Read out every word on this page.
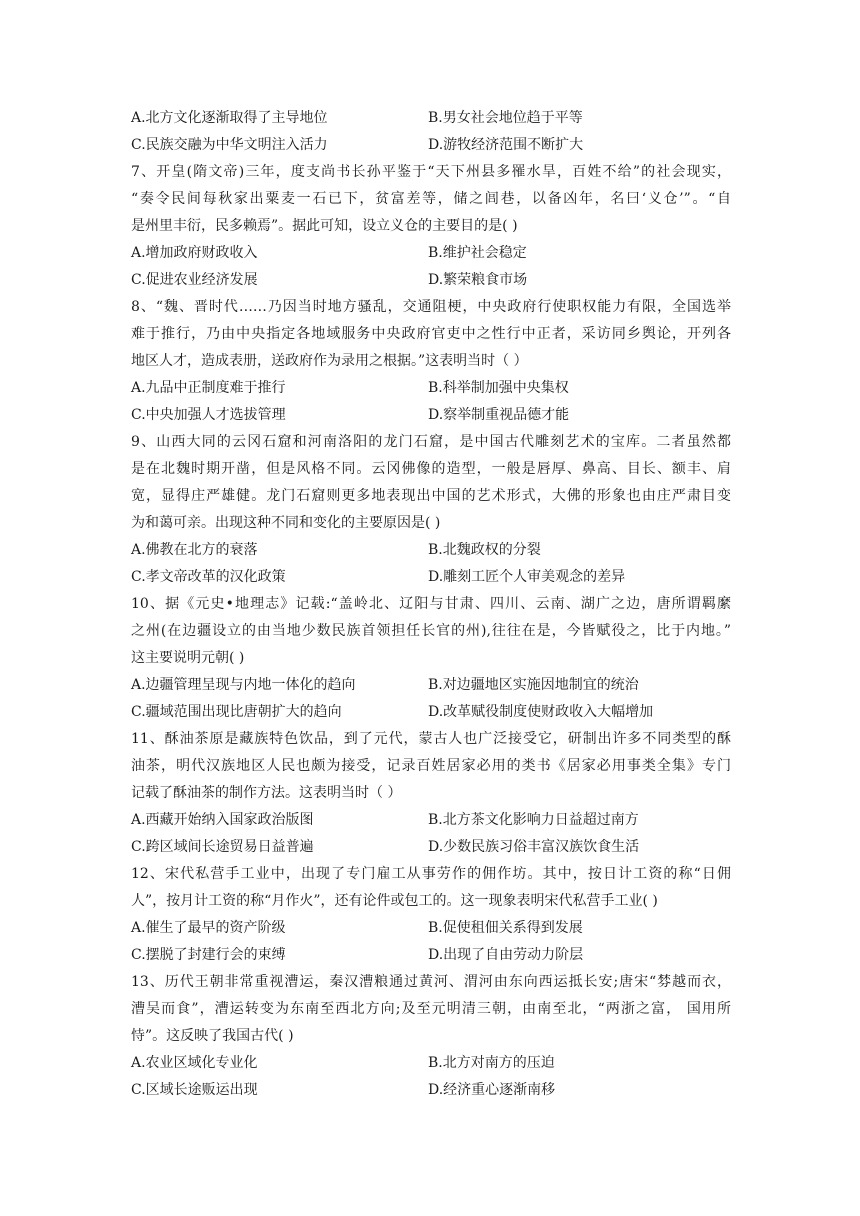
A.北方文化逐渐取得了主导地位	B.男女社会地位趋于平等
C.民族交融为中华文明注入活力	D.游牧经济范围不断扩大
7、开皇(隋文帝)三年，度支尚书长孙平鉴于“天下州县多罹水旱，百姓不给”的社会现实，
“奏令民间每秋家出粟麦一石已下，贫富差等，储之闾巷，以备凶年，名曰‘义仓’”。“自
是州里丰衍，民多赖焉”。据此可知，设立义仓的主要目的是( )
A.增加政府财政收入	B.维护社会稳定
C.促进农业经济发展	D.繁荣粮食市场
8、“魏、晋时代……乃因当时地方骚乱，交通阻梗，中央政府行使职权能力有限，全国选举
难于推行，乃由中央指定各地域服务中央政府官吏中之性行中正者，采访同乡舆论，开列各
地区人才，造成表册，送政府作为录用之根据。”这表明当时（ ）
A.九品中正制度难于推行	B.科举制加强中央集权
C.中央加强人才选拔管理	D.察举制重视品德才能
9、山西大同的云冈石窟和河南洛阳的龙门石窟，是中国古代雕刻艺术的宝库。二者虽然都
是在北魏时期开凿，但是风格不同。云冈佛像的造型，一般是唇厚、鼻高、目长、额丰、肩
宽，显得庄严雄健。龙门石窟则更多地表现出中国的艺术形式，大佛的形象也由庄严肃目变
为和蔼可亲。出现这种不同和变化的主要原因是( )
A.佛教在北方的衰落	B.北魏政权的分裂
C.孝文帝改革的汉化政策	D.雕刻工匠个人审美观念的差异
10、据《元史•地理志》记载:“盖岭北、辽阳与甘肃、四川、云南、湖广之边，唐所谓羁縻
之州(在边疆设立的由当地少数民族首领担任长官的州),往往在是，今皆赋役之，比于内地。”
这主要说明元朝( )
A.边疆管理呈现与内地一体化的趋向	B.对边疆地区实施因地制宜的统治
C.疆域范围出现比唐朝扩大的趋向	D.改革赋役制度使财政收入大幅增加
11、酥油茶原是藏族特色饮品，到了元代，蒙古人也广泛接受它，研制出许多不同类型的酥
油茶，明代汉族地区人民也颇为接受，记录百姓居家必用的类书《居家必用事类全集》专门
记载了酥油茶的制作方法。这表明当时（ ）
A.西藏开始纳入国家政治版图	B.北方茶文化影响力日益超过南方
C.跨区域间长途贸易日益普遍	D.少数民族习俗丰富汉族饮食生活
12、宋代私营手工业中，出现了专门雇工从事劳作的佣作坊。其中，按日计工资的称“日佣
人”，按月计工资的称“月作火”，还有论件或包工的。这一现象表明宋代私营手工业( )
A.催生了最早的资产阶级	B.促使租佃关系得到发展
C.摆脱了封建行会的束缚	D.出现了自由劳动力阶层
13、历代王朝非常重视漕运，秦汉漕粮通过黄河、渭河由东向西运抵长安;唐宋“棼越而衣，
漕吴而食”，漕运转变为东南至西北方向;及至元明清三朝，由南至北，“两浙之富， 国用所
恃”。这反映了我国古代( )
A.农业区域化专业化	B.北方对南方的压迫
C.区域长途贩运出现	D.经济重心逐渐南移
